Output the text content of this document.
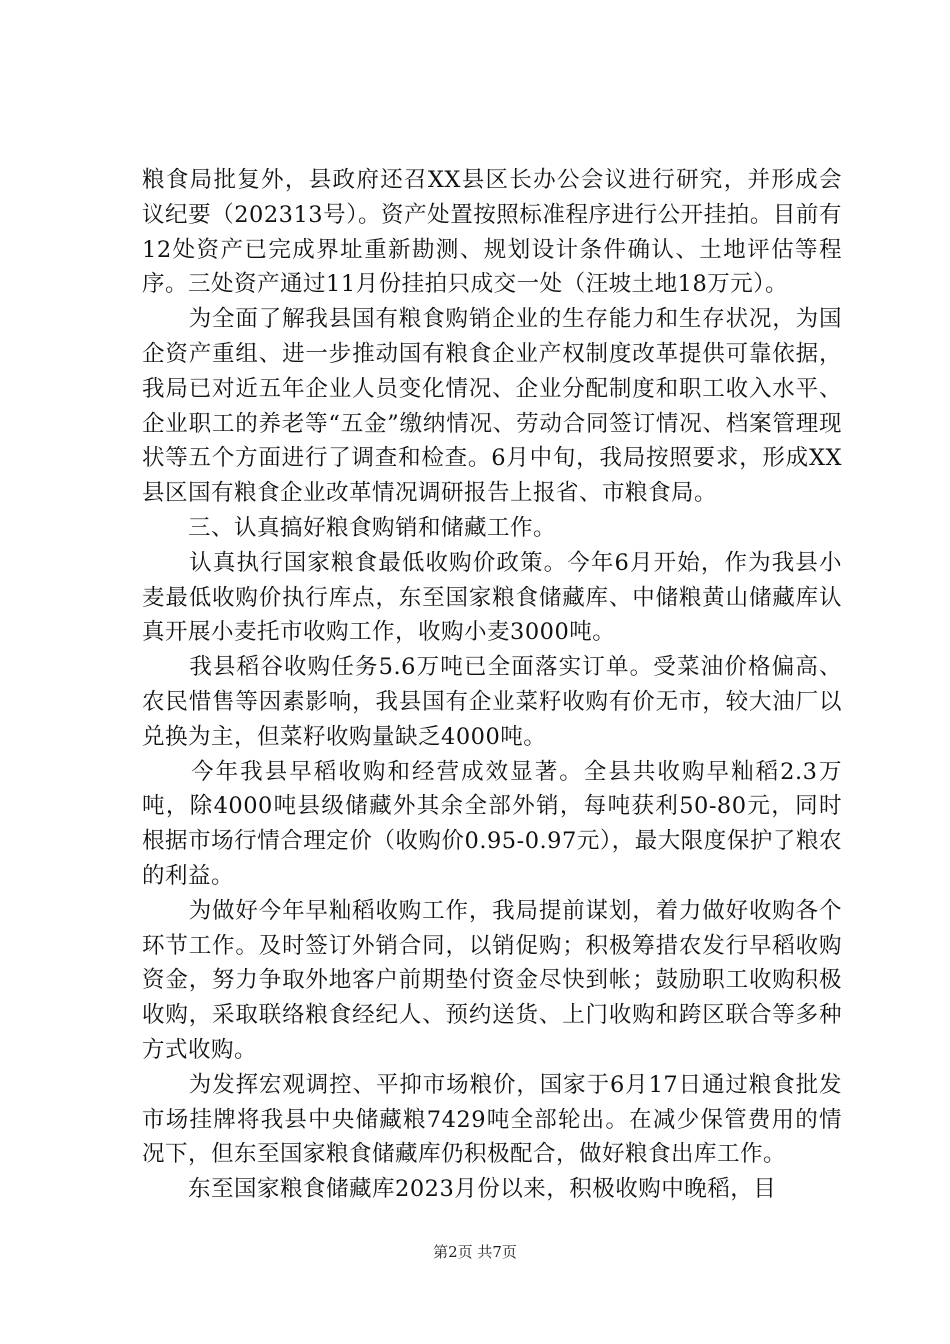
粮食局批复外，县政府还召XX县区长办公会议进行研究，并形成会议纪要（202313号）。资产处置按照标准程序进行公开挂拍。目前有12处资产已完成界址重新勘测、规划设计条件确认、土地评估等程序。三处资产通过11月份挂拍只成交一处（汪坡土地18万元）。

　　为全面了解我县国有粮食购销企业的生存能力和生存状况，为国企资产重组、进一步推动国有粮食企业产权制度改革提供可靠依据，我局已对近五年企业人员变化情况、企业分配制度和职工收入水平、企业职工的养老等“五金”缴纳情况、劳动合同签订情况、档案管理现状等五个方面进行了调查和检查。6月中旬，我局按照要求，形成XX县区国有粮食企业改革情况调研报告上报省、市粮食局。

　　三、认真搞好粮食购销和储藏工作。

　　认真执行国家粮食最低收购价政策。今年6月开始，作为我县小麦最低收购价执行库点，东至国家粮食储藏库、中储粮黄山储藏库认真开展小麦托市收购工作，收购小麦3000吨。

　　我县稻谷收购任务5.6万吨已全面落实订单。受菜油价格偏高、农民惜售等因素影响，我县国有企业菜籽收购有价无市，较大油厂以兑换为主，但菜籽收购量缺乏4000吨。

　　今年我县早稻收购和经营成效显著。全县共收购早籼稻2.3万吨，除4000吨县级储藏外其余全部外销，每吨获利50-80元，同时根据市场行情合理定价（收购价0.95-0.97元），最大限度保护了粮农的利益。

　　为做好今年早籼稻收购工作，我局提前谋划，着力做好收购各个环节工作。及时签订外销合同，以销促购；积极筹措农发行早稻收购资金，努力争取外地客户前期垫付资金尽快到帐；鼓励职工收购积极收购，采取联络粮食经纪人、预约送货、上门收购和跨区联合等多种方式收购。

　　为发挥宏观调控、平抑市场粮价，国家于6月17日通过粮食批发市场挂牌将我县中央储藏粮7429吨全部轮出。在减少保管费用的情况下，但东至国家粮食储藏库仍积极配合，做好粮食出库工作。

　　东至国家粮食储藏库2023月份以来，积极收购中晚稻，目

第2页 共7页
